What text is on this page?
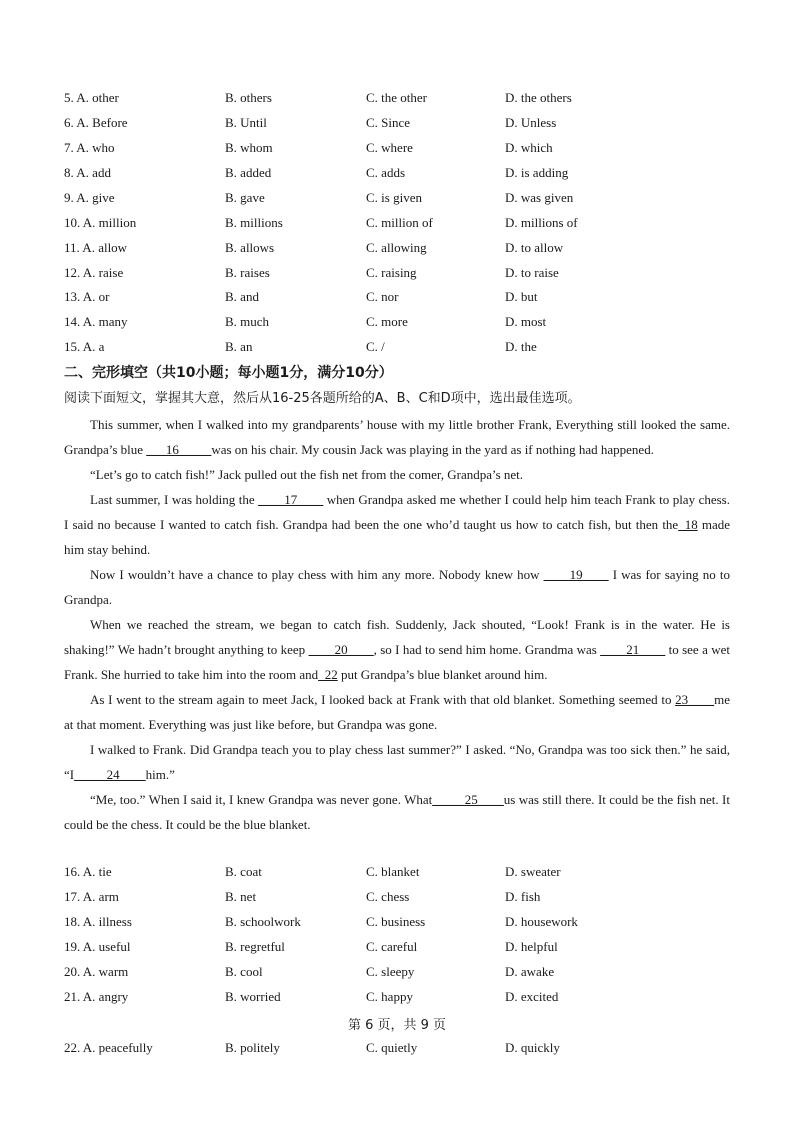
5. A. other	B. others	C. the other	D. the others
6. A. Before	B. Until	C. Since	D. Unless
7. A. who	B. whom	C. where	D. which
8. A. add	B. added	C. adds	D. is adding
9. A. give	B. gave	C. is given	D. was given
10. A. million	B. millions	C. million of	D. millions of
11. A. allow	B. allows	C. allowing	D. to allow
12. A. raise	B. raises	C. raising	D. to raise
13. A. or	B. and	C. nor	D. but
14. A. many	B. much	C. more	D. most
15. A. a	B. an	C. /	D. the
二、完形填空（共10小题；每小题1分，满分10分）
阅读下面短文，掌握其大意，然后从16-25各题所给的A、B、C和D项中，选出最佳选项。

This summer, when I walked into my grandparents’ house with my little brother Frank, Everything still looked the same. Grandpa’s blue ___16_____was on his chair. My cousin Jack was playing in the yard as if nothing had happened.

“Let’s go to catch fish!” Jack pulled out the fish net from the comer, Grandpa’s net.

Last summer, I was holding the ____17____ when Grandpa asked me whether I could help him teach Frank to play chess. I said no because I wanted to catch fish. Grandpa had been the one who’d taught us how to catch fish, but then the_18 made him stay behind.

Now I wouldn’t have a chance to play chess with him any more. Nobody knew how ____19____ I was for saying no to Grandpa.

When we reached the stream, we began to catch fish. Suddenly, Jack shouted, “Look! Frank is in the water. He is shaking!” We hadn’t brought anything to keep ____20____, so I had to send him home. Grandma was ____21____ to see a wet Frank. She hurried to take him into the room and_22 put Grandpa’s blue blanket around him.

As I went to the stream again to meet Jack, I looked back at Frank with that old blanket. Something seemed to 23____me at that moment. Everything was just like before, but Grandpa was gone.

I walked to Frank. Did Grandpa teach you to play chess last summer?” I asked. “No, Grandpa was too sick then.” he said, “I_____24____him.”

“Me, too.” When I said it, I knew Grandpa was never gone. What_____25____us was still there. It could be the fish net. It could be the chess. It could be the blue blanket.

16. A. tie	B. coat	C. blanket	D. sweater
17. A. arm	B. net	C. chess	D. fish
18. A. illness	B. schoolwork	C. business	D. housework
19. A. useful	B. regretful	C. careful	D. helpful
20. A. warm	B. cool	C. sleepy	D. awake
21. A. angry	B. worried	C. happy	D. excited
22. A. peacefully	B. politely	C. quietly	D. quickly
第 6 页，共 9 页
